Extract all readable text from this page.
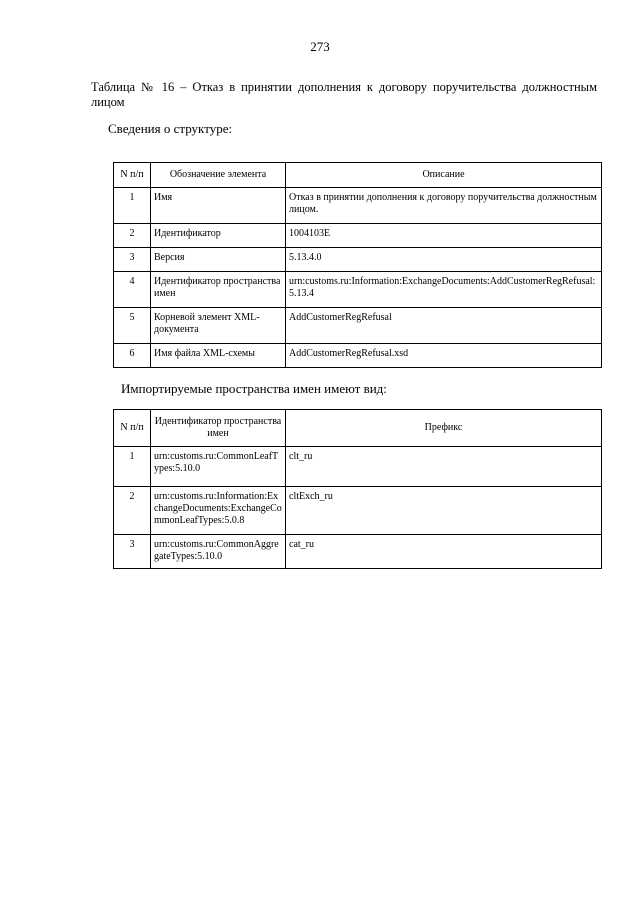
273
Таблица № 16 – Отказ в принятии дополнения к договору поручительства должностным лицом
Сведения о структуре:
N п/п	Обозначение элемента	Описание
1	Имя	Отказ в принятии дополнения к договору поручительства должностным лицом.
2	Идентификатор	1004103E
3	Версия	5.13.4.0
4	Идентификатор пространства имен	urn:customs.ru:Information:ExchangeDocuments:AddCustomerRegRefusal:5.13.4
5	Корневой элемент XML-документа	AddCustomerRegRefusal
6	Имя файла XML-схемы	AddCustomerRegRefusal.xsd
Импортируемые пространства имен имеют вид:
N п/п	Идентификатор пространства имен	Префикс
1	urn:customs.ru:CommonLeafTypes:5.10.0	clt_ru
2	urn:customs.ru:Information:ExchangeDocuments:ExchangeCommonLeafTypes:5.0.8	cltExch_ru
3	urn:customs.ru:CommonAggregateTypes:5.10.0	cat_ru
